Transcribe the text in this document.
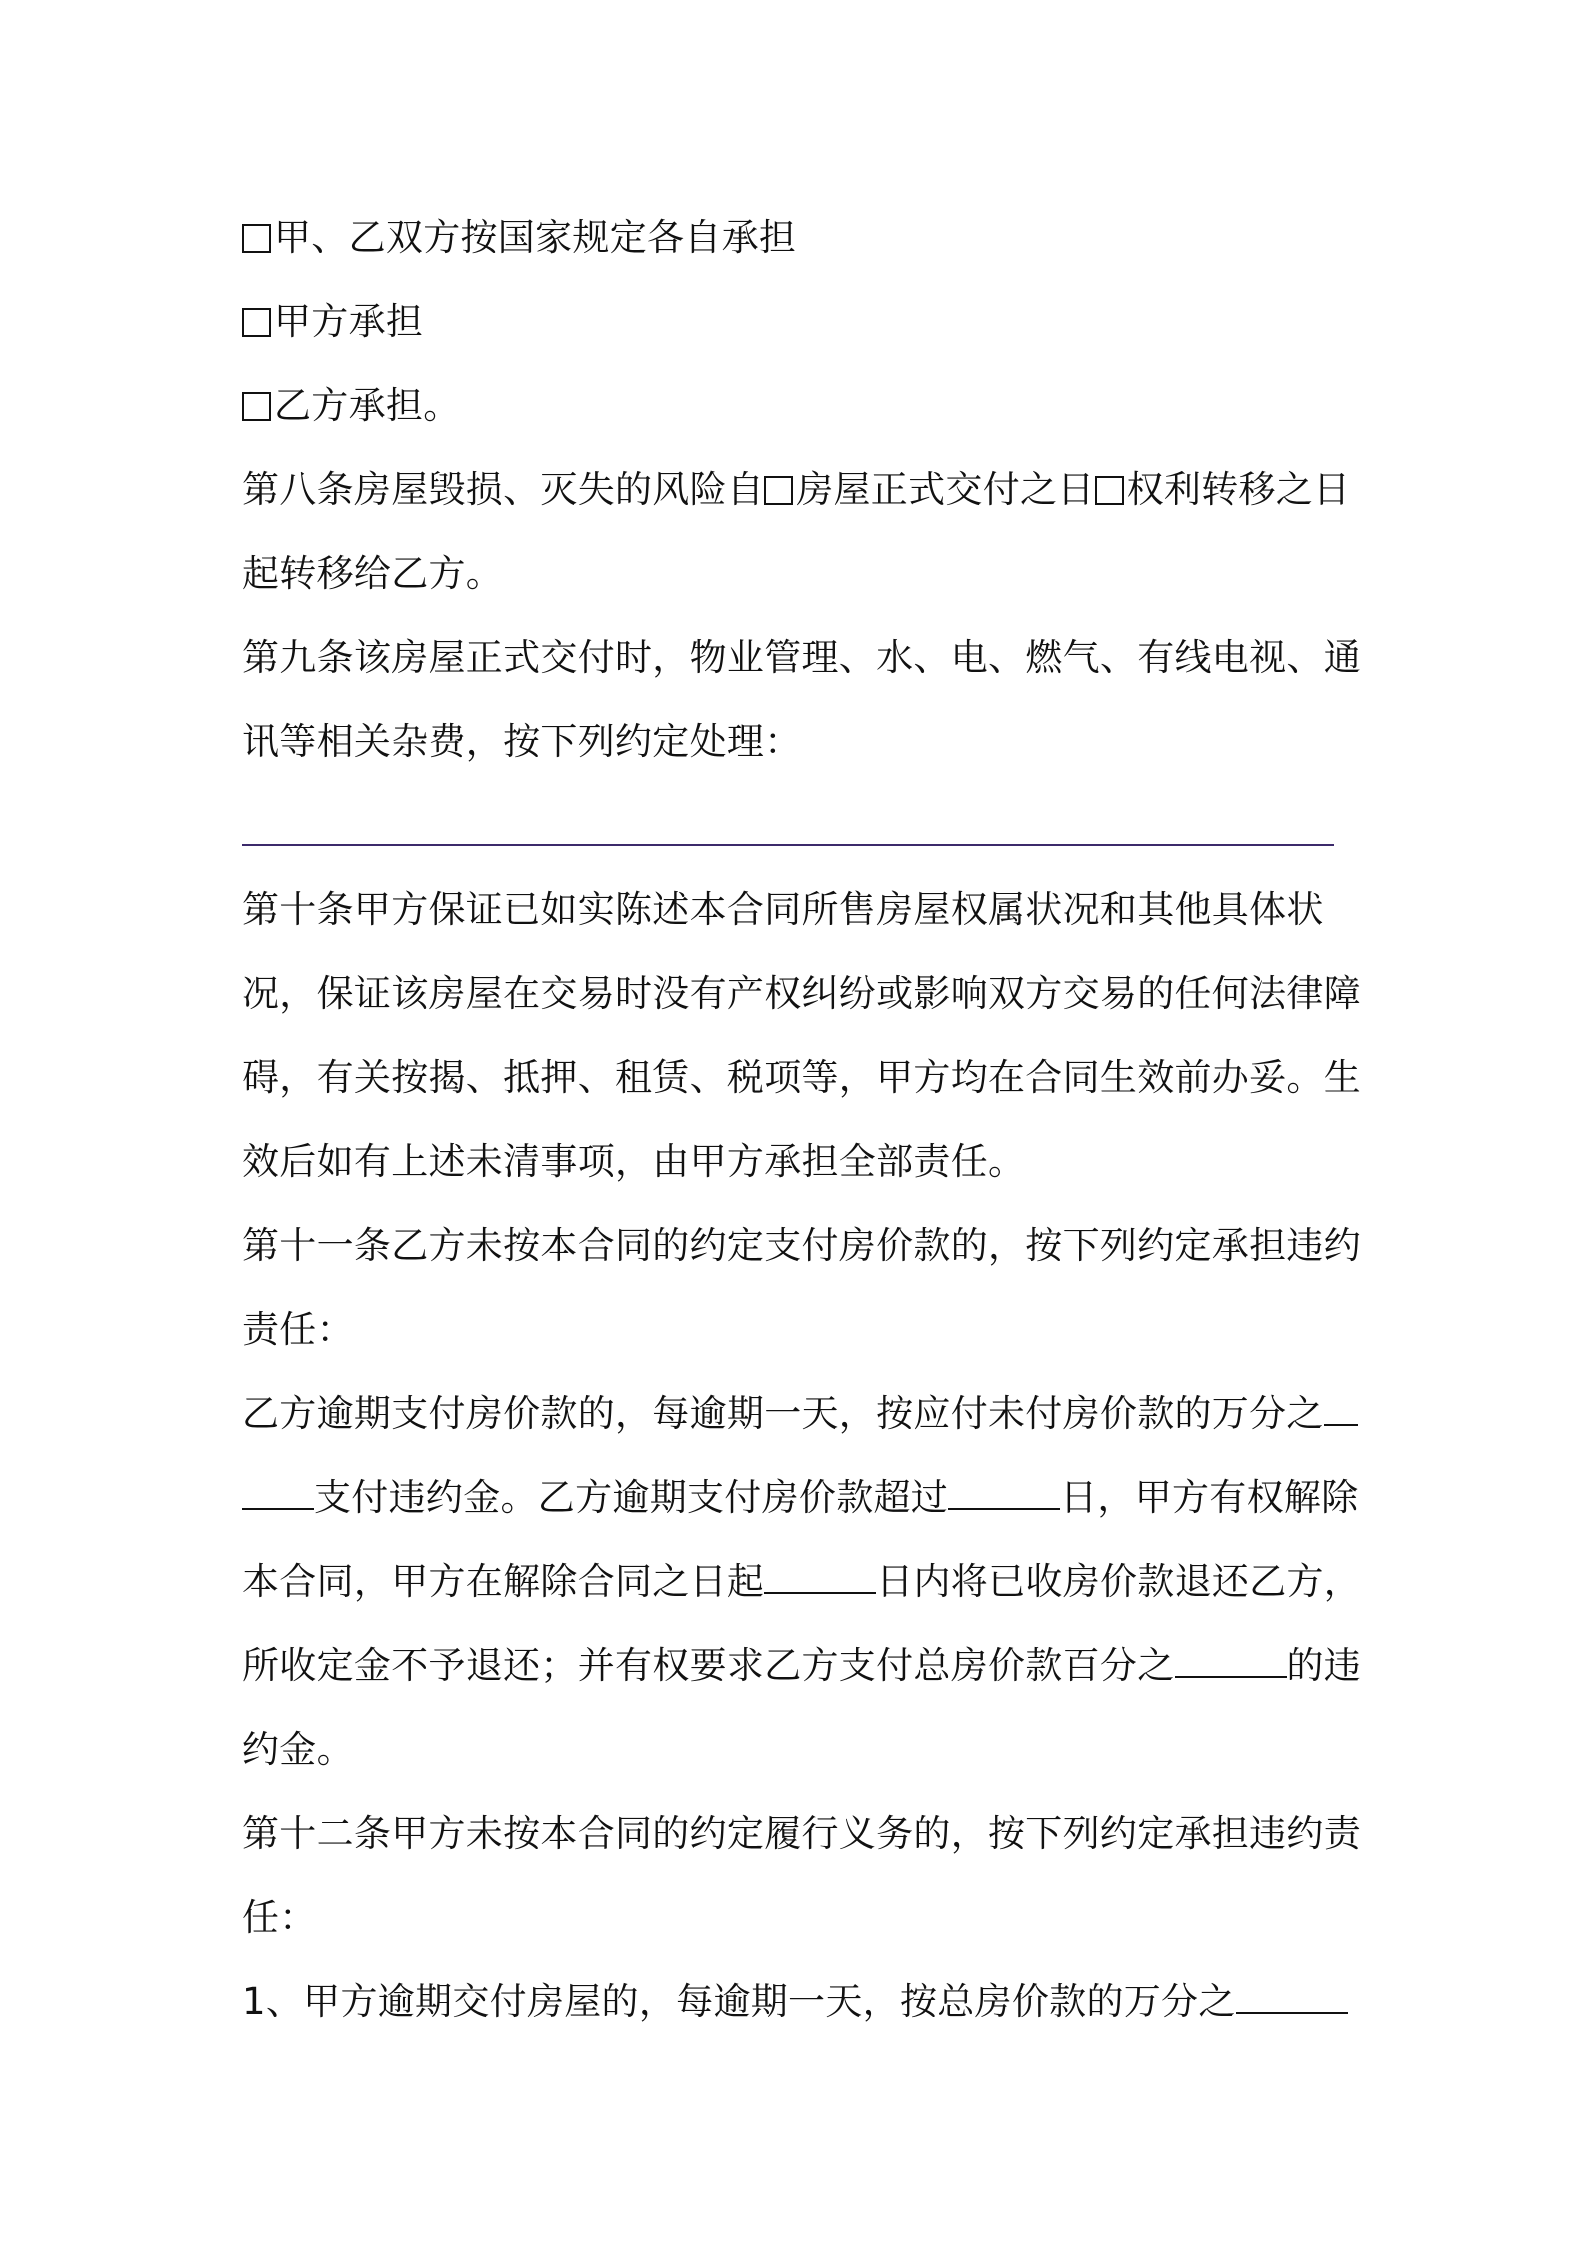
甲、乙双方按国家规定各自承担
甲方承担
乙方承担。
第八条房屋毁损、灭失的风险自 房屋正式交付之日 权利转移之日
起转移给乙方。
第九条该房屋正式交付时，物业管理、水、电、燃气、有线电视、通
讯等相关杂费，按下列约定处理：
第十条甲方保证已如实陈述本合同所售房屋权属状况和其他具体状
况，保证该房屋在交易时没有产权纠纷或影响双方交易的任何法律障
碍，有关按揭、抵押、租赁、税项等，甲方均在合同生效前办妥。生
效后如有上述未清事项，由甲方承担全部责任。
第十一条乙方未按本合同的约定支付房价款的，按下列约定承担违约
责任：
乙方逾期支付房价款的，每逾期一天，按应付未付房价款的万分之
支付违约金。乙方逾期支付房价款超过	日，甲方有权解除
本合同，甲方在解除合同之日起	日内将已收房价款退还乙方，
所收定金不予退还；并有权要求乙方支付总房价款百分之	的违
约金。
第十二条甲方未按本合同的约定履行义务的，按下列约定承担违约责
任：
1、甲方逾期交付房屋的，每逾期一天，按总房价款的万分之
